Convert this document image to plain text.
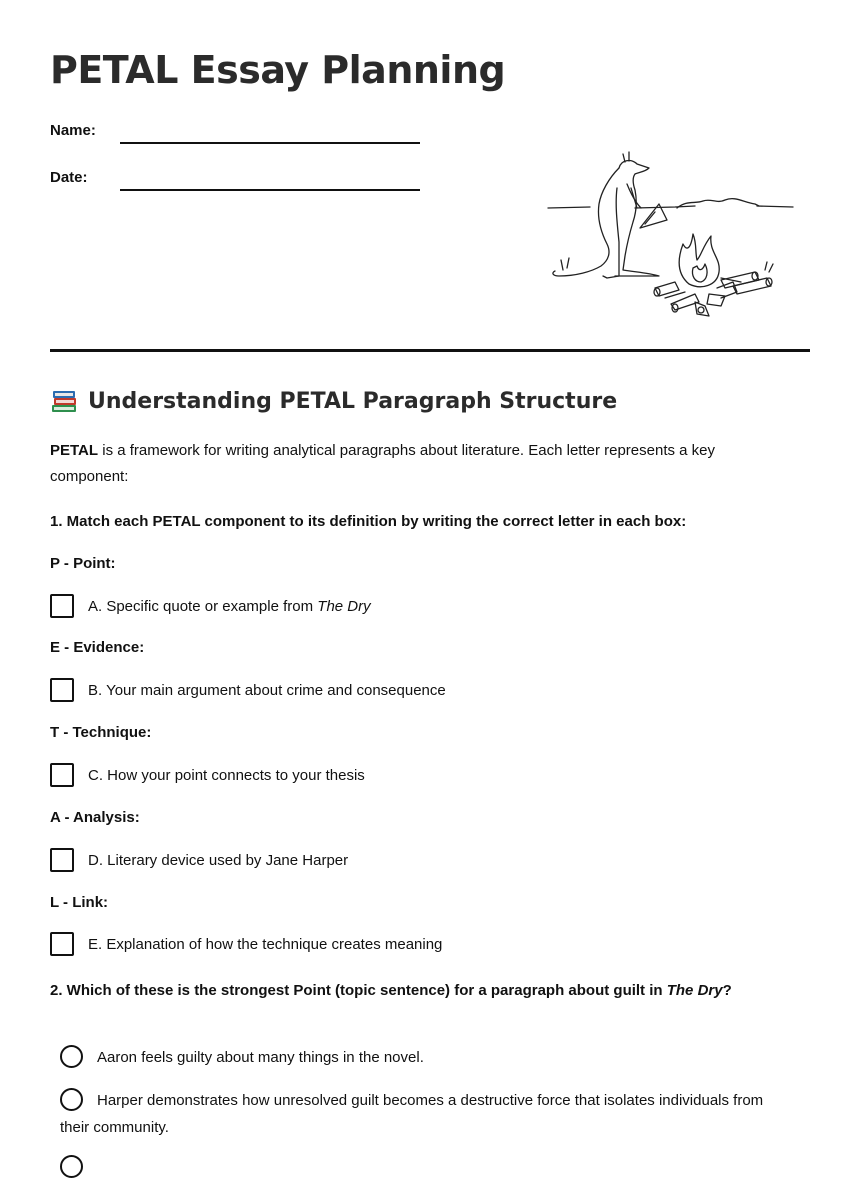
PETAL Essay Planning
Name:
Date:
Understanding PETAL Paragraph Structure
PETAL is a framework for writing analytical paragraphs about literature. Each letter represents a key component:
1. Match each PETAL component to its definition by writing the correct letter in each box:
P - Point:
A. Specific quote or example from The Dry
E - Evidence:
B. Your main argument about crime and consequence
T - Technique:
C. How your point connects to your thesis
A - Analysis:
D. Literary device used by Jane Harper
L - Link:
E. Explanation of how the technique creates meaning
2. Which of these is the strongest Point (topic sentence) for a paragraph about guilt in The Dry?
Aaron feels guilty about many things in the novel.
Harper demonstrates how unresolved guilt becomes a destructive force that isolates individuals from their community.
